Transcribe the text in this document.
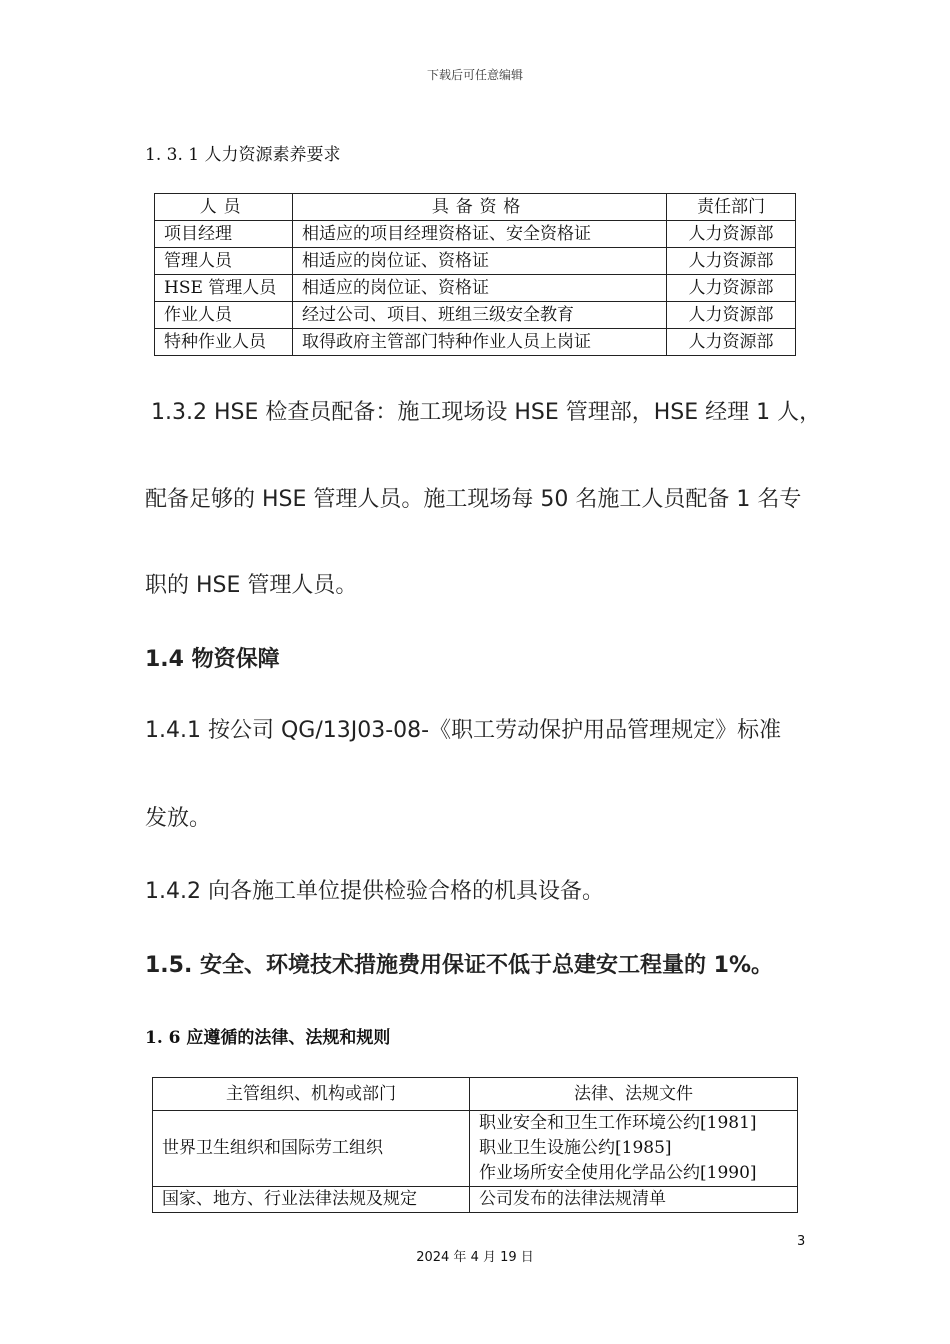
下载后可任意编辑
1. 3. 1 人力资源素养要求
人员	具备资格	责任部门
项目经理	相适应的项目经理资格证、安全资格证	人力资源部
管理人员	相适应的岗位证、资格证	人力资源部
HSE 管理人员	相适应的岗位证、资格证	人力资源部
作业人员	经过公司、项目、班组三级安全教育	人力资源部
特种作业人员	取得政府主管部门特种作业人员上岗证	人力资源部
1.3.2 HSE 检查员配备：施工现场设 HSE 管理部，HSE 经理 1 人，
配备足够的 HSE 管理人员。施工现场每 50 名施工人员配备 1 名专
职的 HSE 管理人员。
1.4 物资保障
1.4.1 按公司 QG/13J03-08-《职工劳动保护用品管理规定》标准
发放。
1.4.2 向各施工单位提供检验合格的机具设备。
1.5. 安全、环境技术措施费用保证不低于总建安工程量的 1%。
1. 6 应遵循的法律、法规和规则
主管组织、机构或部门	法律、法规文件
世界卫生组织和国际劳工组织	职业安全和卫生工作环境公约[1981]
职业卫生设施公约[1985]
作业场所安全使用化学品公约[1990]

国家、地方、行业法律法规及规定	公司发布的法律法规清单
3
2024 年 4 月 19 日
